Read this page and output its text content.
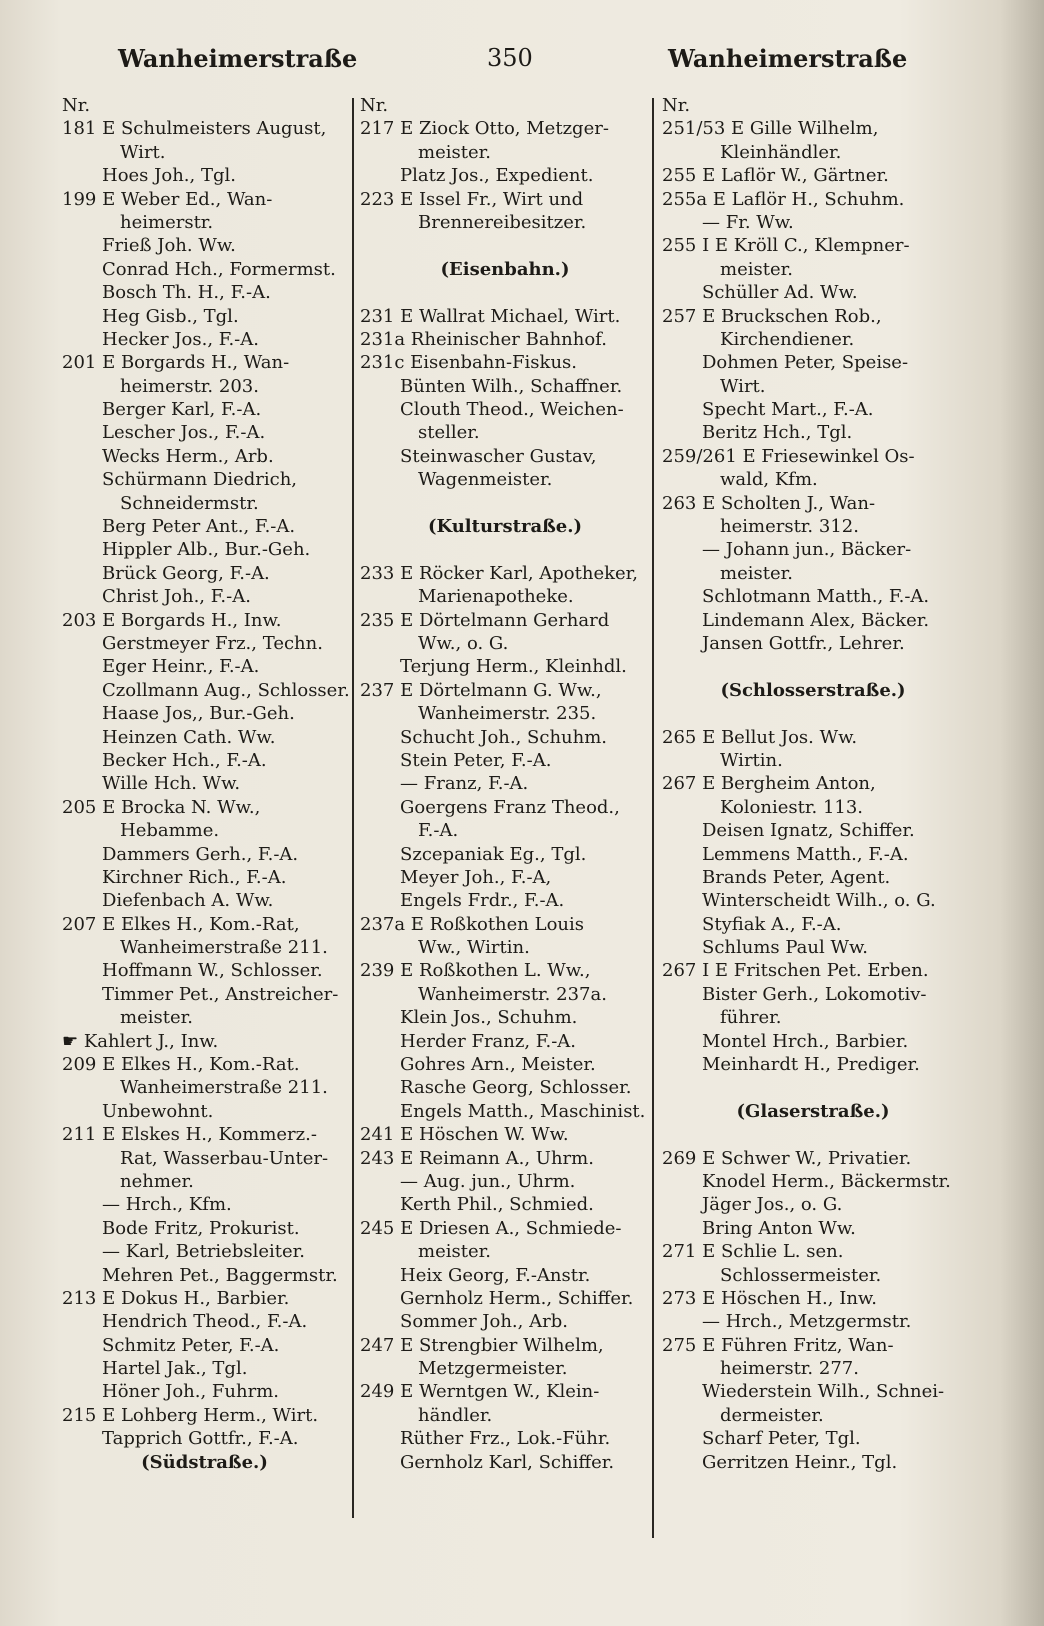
Wanheimerstraße	350	Wanheimerstraße
Nr.
181 E Schulmeisters August,
Wirt.
Hoes Joh., Tgl.
199 E Weber Ed., Wan-
heimerstr.
Frieß Joh. Ww.
Conrad Hch., Formermst.
Bosch Th. H., F.-A.
Heg Gisb., Tgl.
Hecker Jos., F.-A.
201 E Borgards H., Wan-
heimerstr. 203.
Berger Karl, F.-A.
Lescher Jos., F.-A.
Wecks Herm., Arb.
Schürmann Diedrich,
Schneidermstr.
Berg Peter Ant., F.-A.
Hippler Alb., Bur.-Geh.
Brück Georg, F.-A.
Christ Joh., F.-A.
203 E Borgards H., Inw.
Gerstmeyer Frz., Techn.
Eger Heinr., F.-A.
Czollmann Aug., Schlosser.
Haase Jos,, Bur.-Geh.
Heinzen Cath. Ww.
Becker Hch., F.-A.
Wille Hch. Ww.
205 E Brocka N. Ww.,
Hebamme.
Dammers Gerh., F.-A.
Kirchner Rich., F.-A.
Diefenbach A. Ww.
207 E Elkes H., Kom.-Rat,
Wanheimerstraße 211.
Hoffmann W., Schlosser.
Timmer Pet., Anstreicher-
meister.
☛ Kahlert J., Inw.
209 E Elkes H., Kom.-Rat.
Wanheimerstraße 211.
Unbewohnt.
211 E Elskes H., Kommerz.-
Rat, Wasserbau-Unter-
nehmer.
— Hrch., Kfm.
Bode Fritz, Prokurist.
— Karl, Betriebsleiter.
Mehren Pet., Baggermstr.
213 E Dokus H., Barbier.
Hendrich Theod., F.-A.
Schmitz Peter, F.-A.
Hartel Jak., Tgl.
Höner Joh., Fuhrm.
215 E Lohberg Herm., Wirt.
Tapprich Gottfr., F.-A.
(Südstraße.)
Nr.
217 E Ziock Otto, Metzger-
meister.
Platz Jos., Expedient.
223 E Issel Fr., Wirt und
Brennereibesitzer.
(Eisenbahn.)
231 E Wallrat Michael, Wirt.
231a Rheinischer Bahnhof.
231c Eisenbahn-Fiskus.
Bünten Wilh., Schaffner.
Clouth Theod., Weichen-
steller.
Steinwascher Gustav,
Wagenmeister.
(Kulturstraße.)
233 E Röcker Karl, Apotheker,
Marienapotheke.
235 E Dörtelmann Gerhard
Ww., o. G.
Terjung Herm., Kleinhdl.
237 E Dörtelmann G. Ww.,
Wanheimerstr. 235.
Schucht Joh., Schuhm.
Stein Peter, F.-A.
— Franz, F.-A.
Goergens Franz Theod.,
F.-A.
Szcepaniak Eg., Tgl.
Meyer Joh., F.-A,
Engels Frdr., F.-A.
237a E Roßkothen Louis
Ww., Wirtin.
239 E Roßkothen L. Ww.,
Wanheimerstr. 237a.
Klein Jos., Schuhm.
Herder Franz, F.-A.
Gohres Arn., Meister.
Rasche Georg, Schlosser.
Engels Matth., Maschinist.
241 E Höschen W. Ww.
243 E Reimann A., Uhrm.
— Aug. jun., Uhrm.
Kerth Phil., Schmied.
245 E Driesen A., Schmiede-
meister.
Heix Georg, F.-Anstr.
Gernholz Herm., Schiffer.
Sommer Joh., Arb.
247 E Strengbier Wilhelm,
Metzgermeister.
249 E Werntgen W., Klein-
händler.
Rüther Frz., Lok.-Führ.
Gernholz Karl, Schiffer.
Nr.
251/53 E Gille Wilhelm,
Kleinhändler.
255 E Laflör W., Gärtner.
255a E Laflör H., Schuhm.
— Fr. Ww.
255 I E Kröll C., Klempner-
meister.
Schüller Ad. Ww.
257 E Bruckschen Rob.,
Kirchendiener.
Dohmen Peter, Speise-
Wirt.
Specht Mart., F.-A.
Beritz Hch., Tgl.
259/261 E Friesewinkel Os-
wald, Kfm.
263 E Scholten J., Wan-
heimerstr. 312.
— Johann jun., Bäcker-
meister.
Schlotmann Matth., F.-A.
Lindemann Alex, Bäcker.
Jansen Gottfr., Lehrer.
(Schlosserstraße.)
265 E Bellut Jos. Ww.
Wirtin.
267 E Bergheim Anton,
Koloniestr. 113.
Deisen Ignatz, Schiffer.
Lemmens Matth., F.-A.
Brands Peter, Agent.
Winterscheidt Wilh., o. G.
Styfiak A., F.-A.
Schlums Paul Ww.
267 I E Fritschen Pet. Erben.
Bister Gerh., Lokomotiv-
führer.
Montel Hrch., Barbier.
Meinhardt H., Prediger.
(Glaserstraße.)
269 E Schwer W., Privatier.
Knodel Herm., Bäckermstr.
Jäger Jos., o. G.
Bring Anton Ww.
271 E Schlie L. sen.
Schlossermeister.
273 E Höschen H., Inw.
— Hrch., Metzgermstr.
275 E Führen Fritz, Wan-
heimerstr. 277.
Wiederstein Wilh., Schnei-
dermeister.
Scharf Peter, Tgl.
Gerritzen Heinr., Tgl.
